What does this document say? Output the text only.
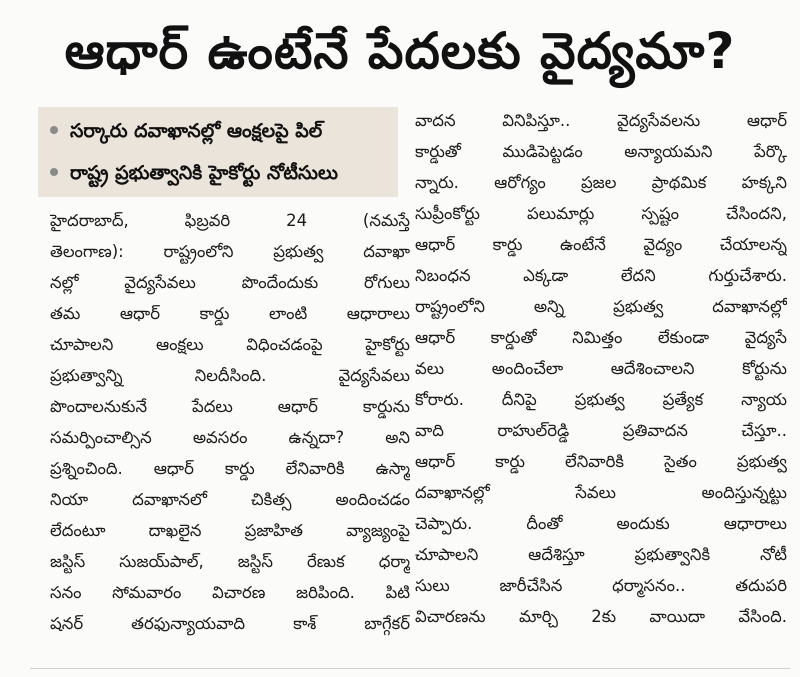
ఆధార్ ఉంటేనే పేదలకు వైద్యమా?
సర్కారు దవాఖానల్లో ఆంక్షలపై పిల్
రాష్ట్ర ప్రభుత్వానికి హైకోర్టు నోటీసులు
హైదరాబాద్, ఫిబ్రవరి 24 (నమస్తే
తెలంగాణ): రాష్ట్రంలోని ప్రభుత్వ దవాఖా
నల్లో వైద్యసేవలు పొందేందుకు రోగులు
తమ ఆధార్ కార్డు లాంటి ఆధారాలు
చూపాలని ఆంక్షలు విధించడంపై హైకోర్టు
ప్రభుత్వాన్ని నిలదీసింది. వైద్యసేవలు
పొందాలనుకునే పేదలు ఆధార్ కార్డును
సమర్పించాల్సిన అవసరం ఉన్నదా? అని
ప్రశ్నించింది. ఆధార్ కార్డు లేనివారికి ఉస్మా
నియా దవాఖానలో చికిత్స అందించడం
లేదంటూ దాఖలైన ప్రజాహిత వ్యాజ్యంపై
జస్టిస్ సుజయ్‌పాల్, జస్టిస్ రేణుక ధర్మా
సనం సోమవారం విచారణ జరిపింది. పిటి
షనర్ తరఫున్యాయవాది కాశ్ బాగ్గేకర్
వాదన వినిపిస్తూ.. వైద్యసేవలను ఆధార్
కార్డుతో ముడిపెట్టడం అన్యాయమని పేర్కొ
న్నారు. ఆరోగ్యం ప్రజల ప్రాథమిక హక్కని
సుప్రీంకోర్టు పలుమార్లు స్పష్టం చేసిందని,
ఆధార్ కార్డు ఉంటేనే వైద్యం చేయాలన్న
నిబంధన ఎక్కడా లేదని గుర్తుచేశారు.
రాష్ట్రంలోని అన్ని ప్రభుత్వ దవాఖానల్లో
ఆధార్ కార్డుతో నిమిత్తం లేకుండా వైద్యసే
వలు అందించేలా ఆదేశించాలని కోర్టును
కోరారు. దీనిపై ప్రభుత్వ ప్రత్యేక న్యాయ
వాది రాహుల్‌రెడ్డి ప్రతివాదన చేస్తూ..
ఆధార్ కార్డు లేనివారికి సైతం ప్రభుత్వ
దవాఖానల్లో సేవలు అందిస్తున్నట్టు
చెప్పారు. దీంతో అందుకు ఆధారాలు
చూపాలని ఆదేశిస్తూ ప్రభుత్వానికి నోటీ
సులు జారీచేసిన ధర్మాసనం.. తదుపరి
విచారణను మార్చి 2కు వాయిదా వేసింది.
